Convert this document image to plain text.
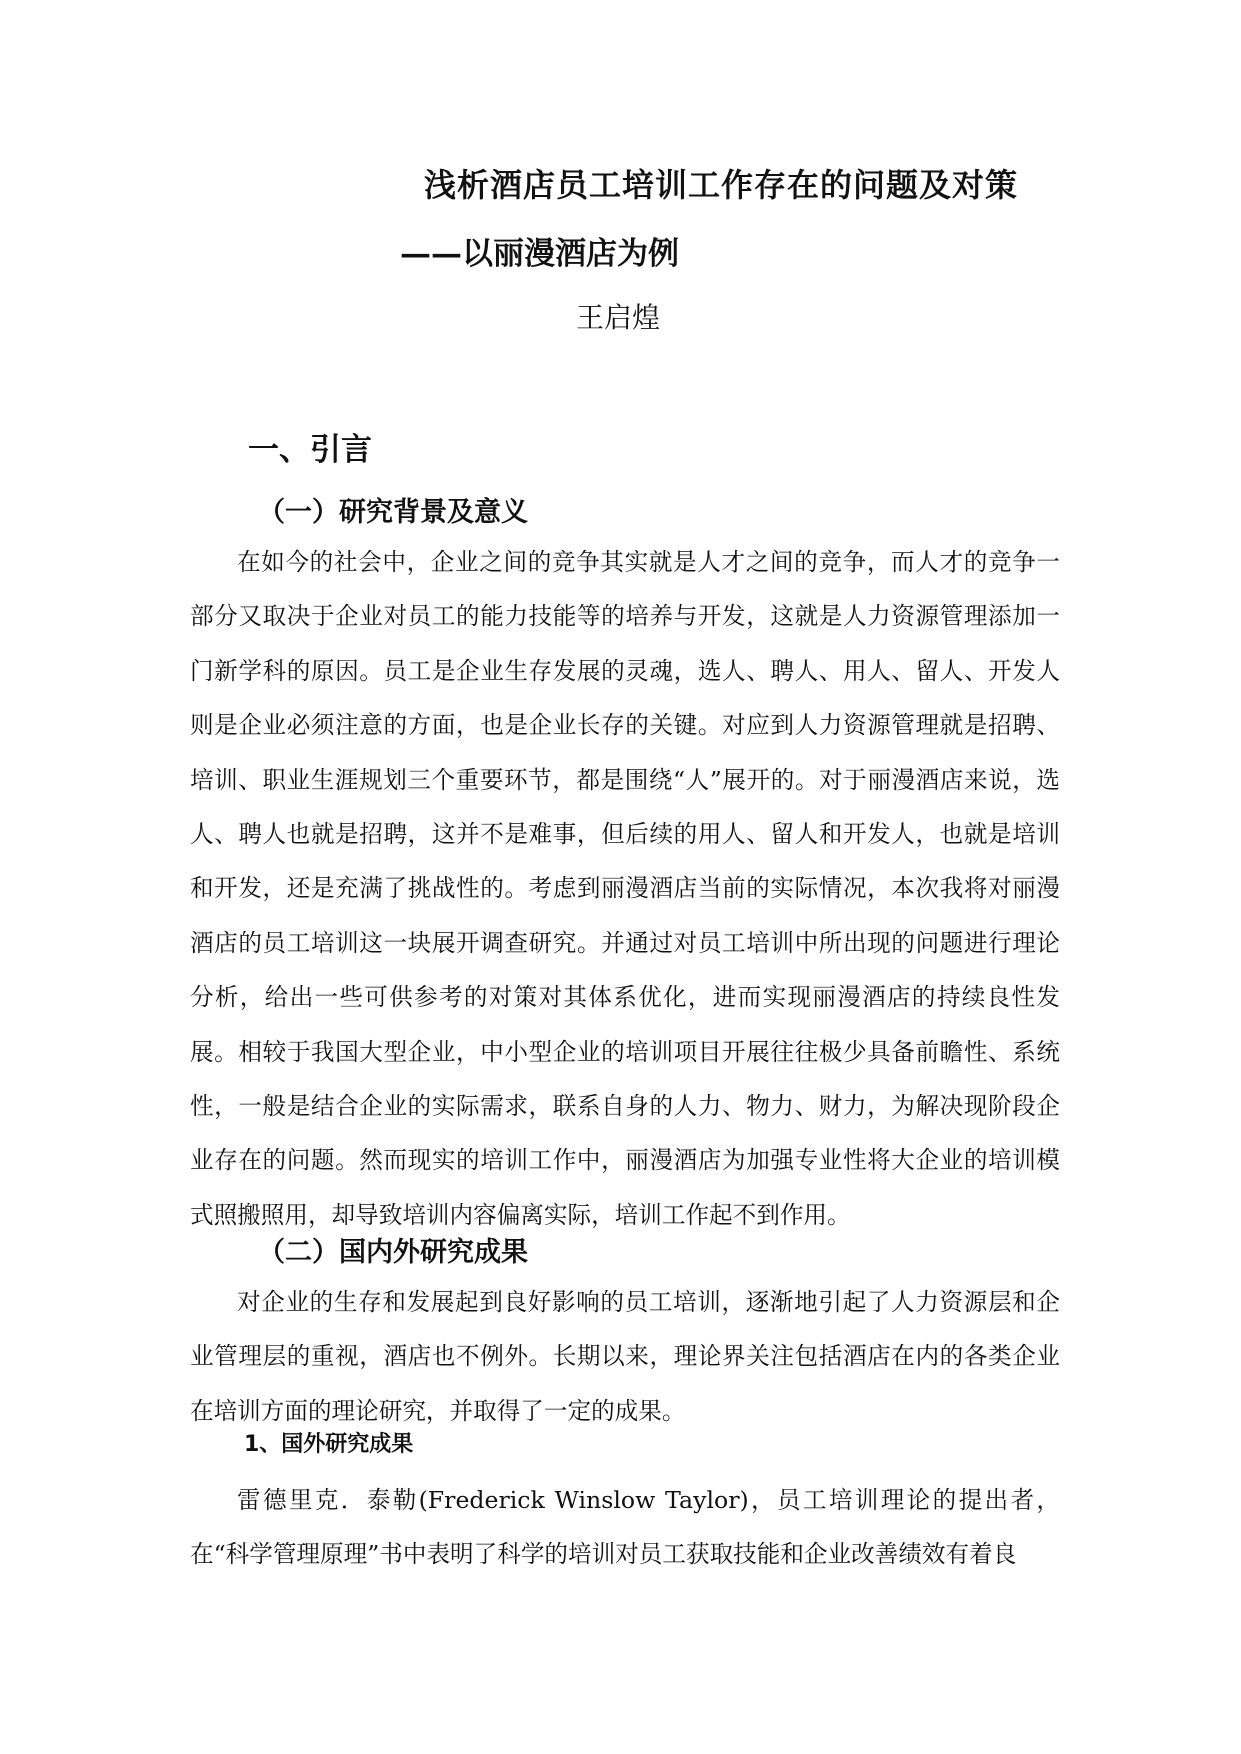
浅析酒店员工培训工作存在的问题及对策
——以丽漫酒店为例
王启煌
一、引言
（一）研究背景及意义

在如今的社会中，企业之间的竞争其实就是人才之间的竞争，而人才的竞争一部分又取决于企业对员工的能力技能等的培养与开发，这就是人力资源管理添加一门新学科的原因。员工是企业生存发展的灵魂，选人、聘人、用人、留人、开发人则是企业必须注意的方面，也是企业长存的关键。对应到人力资源管理就是招聘、培训、职业生涯规划三个重要环节，都是围绕“人”展开的。对于丽漫酒店来说，选人、聘人也就是招聘，这并不是难事，但后续的用人、留人和开发人，也就是培训和开发，还是充满了挑战性的。考虑到丽漫酒店当前的实际情况，本次我将对丽漫酒店的员工培训这一块展开调查研究。并通过对员工培训中所出现的问题进行理论分析，给出一些可供参考的对策对其体系优化，进而实现丽漫酒店的持续良性发展。相较于我国大型企业，中小型企业的培训项目开展往往极少具备前瞻性、系统性，一般是结合企业的实际需求，联系自身的人力、物力、财力，为解决现阶段企业存在的问题。然而现实的培训工作中，丽漫酒店为加强专业性将大企业的培训模式照搬照用，却导致培训内容偏离实际，培训工作起不到作用。

（二）国内外研究成果

对企业的生存和发展起到良好影响的员工培训，逐渐地引起了人力资源层和企业管理层的重视，酒店也不例外。长期以来，理论界关注包括酒店在内的各类企业在培训方面的理论研究，并取得了一定的成果。

1、国外研究成果

雷德里克．泰勒(Frederick Winslow Taylor)，员工培训理论的提出者，在“科学管理原理”书中表明了科学的培训对员工获取技能和企业改善绩效有着良
